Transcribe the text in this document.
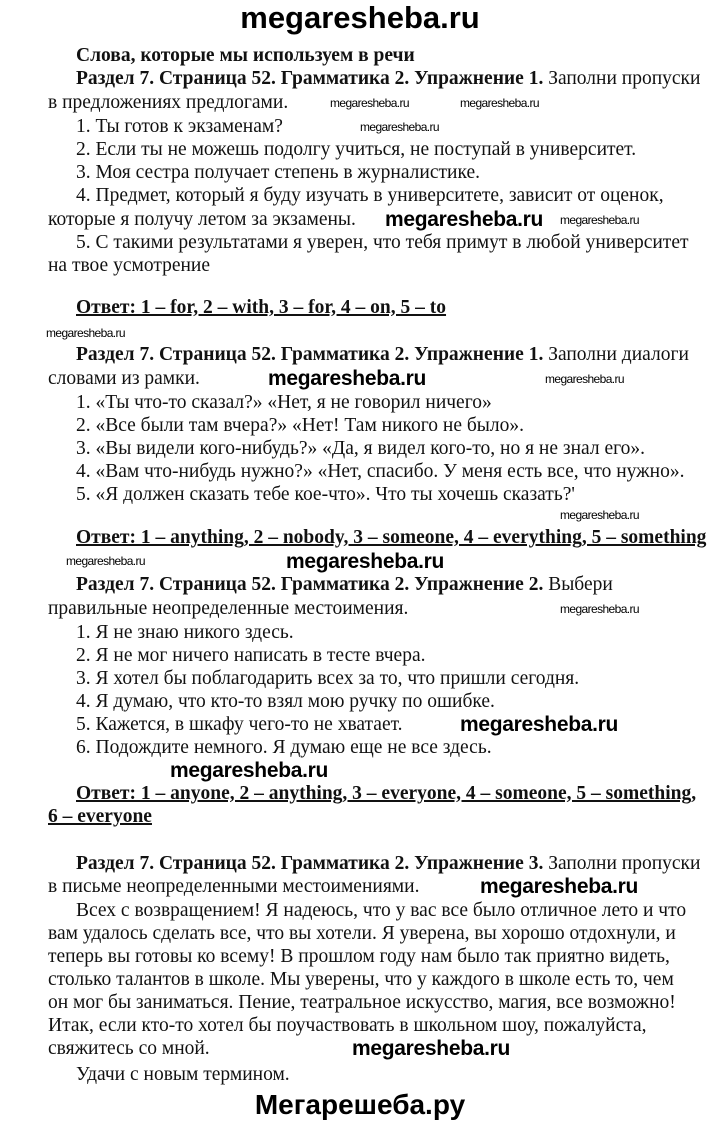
megaresheba.ru
Мегарешеба.ру
Слова, которые мы используем в речи
Раздел 7. Страница 52. Грамматика 2. Упражнение 1. Заполни пропуски
в предложениях предлогами.
1. Ты готов к экзаменам?
2. Если ты не можешь подолгу учиться, не поступай в университет.
3. Моя сестра получает степень в журналистике.
4. Предмет, который я буду изучать в университете, зависит от оценок,
которые я получу летом за экзамены.
5. С такими результатами я уверен, что тебя примут в любой университет
на твое усмотрение
Ответ: 1 – for, 2 – with, 3 – for, 4 – on, 5 – to
Раздел 7. Страница 52. Грамматика 2. Упражнение 1. Заполни диалоги
словами из рамки.
1. «Ты что-то сказал?» «Нет, я не говорил ничего»
2. «Все были там вчера?» «Нет! Там никого не было».
3. «Вы видели кого-нибудь?» «Да, я видел кого-то, но я не знал его».
4. «Вам что-нибудь нужно?» «Нет, спасибо. У меня есть все, что нужно».
5. «Я должен сказать тебе кое-что». Что ты хочешь сказать?'
Ответ: 1 – anything, 2 – nobody, 3 – someone, 4 – everything, 5 – something
Раздел 7. Страница 52. Грамматика 2. Упражнение 2. Выбери
правильные неопределенные местоимения.
1. Я не знаю никого здесь.
2. Я не мог ничего написать в тесте вчера.
3. Я хотел бы поблагодарить всех за то, что пришли сегодня.
4. Я думаю, что кто-то взял мою ручку по ошибке.
5. Кажется, в шкафу чего-то не хватает.
6. Подождите немного. Я думаю еще не все здесь.
Ответ: 1 – anyone, 2 – anything, 3 – everyone, 4 – someone, 5 – something,
6 – everyone
Раздел 7. Страница 52. Грамматика 2. Упражнение 3. Заполни пропуски
в письме неопределенными местоимениями.
Всех с возвращением! Я надеюсь, что у вас все было отличное лето и что
вам удалось сделать все, что вы хотели. Я уверена, вы хорошо отдохнули, и
теперь вы готовы ко всему! В прошлом году нам было так приятно видеть,
столько талантов в школе. Мы уверены, что у каждого в школе есть то, чем
он мог бы заниматься. Пение, театральное искусство, магия, все возможно!
Итак, если кто-то хотел бы поучаствовать в школьном шоу, пожалуйста,
свяжитесь со мной.
Удачи с новым термином.
megaresheba.ru	megaresheba.ru
megaresheba.ru
megaresheba.ru
megaresheba.ru
megaresheba.ru
megaresheba.ru	megaresheba.ru
megaresheba.ru
megaresheba.ru	megaresheba.ru
megaresheba.ru
megaresheba.ru
megaresheba.ru
megaresheba.ru
megaresheba.ru
